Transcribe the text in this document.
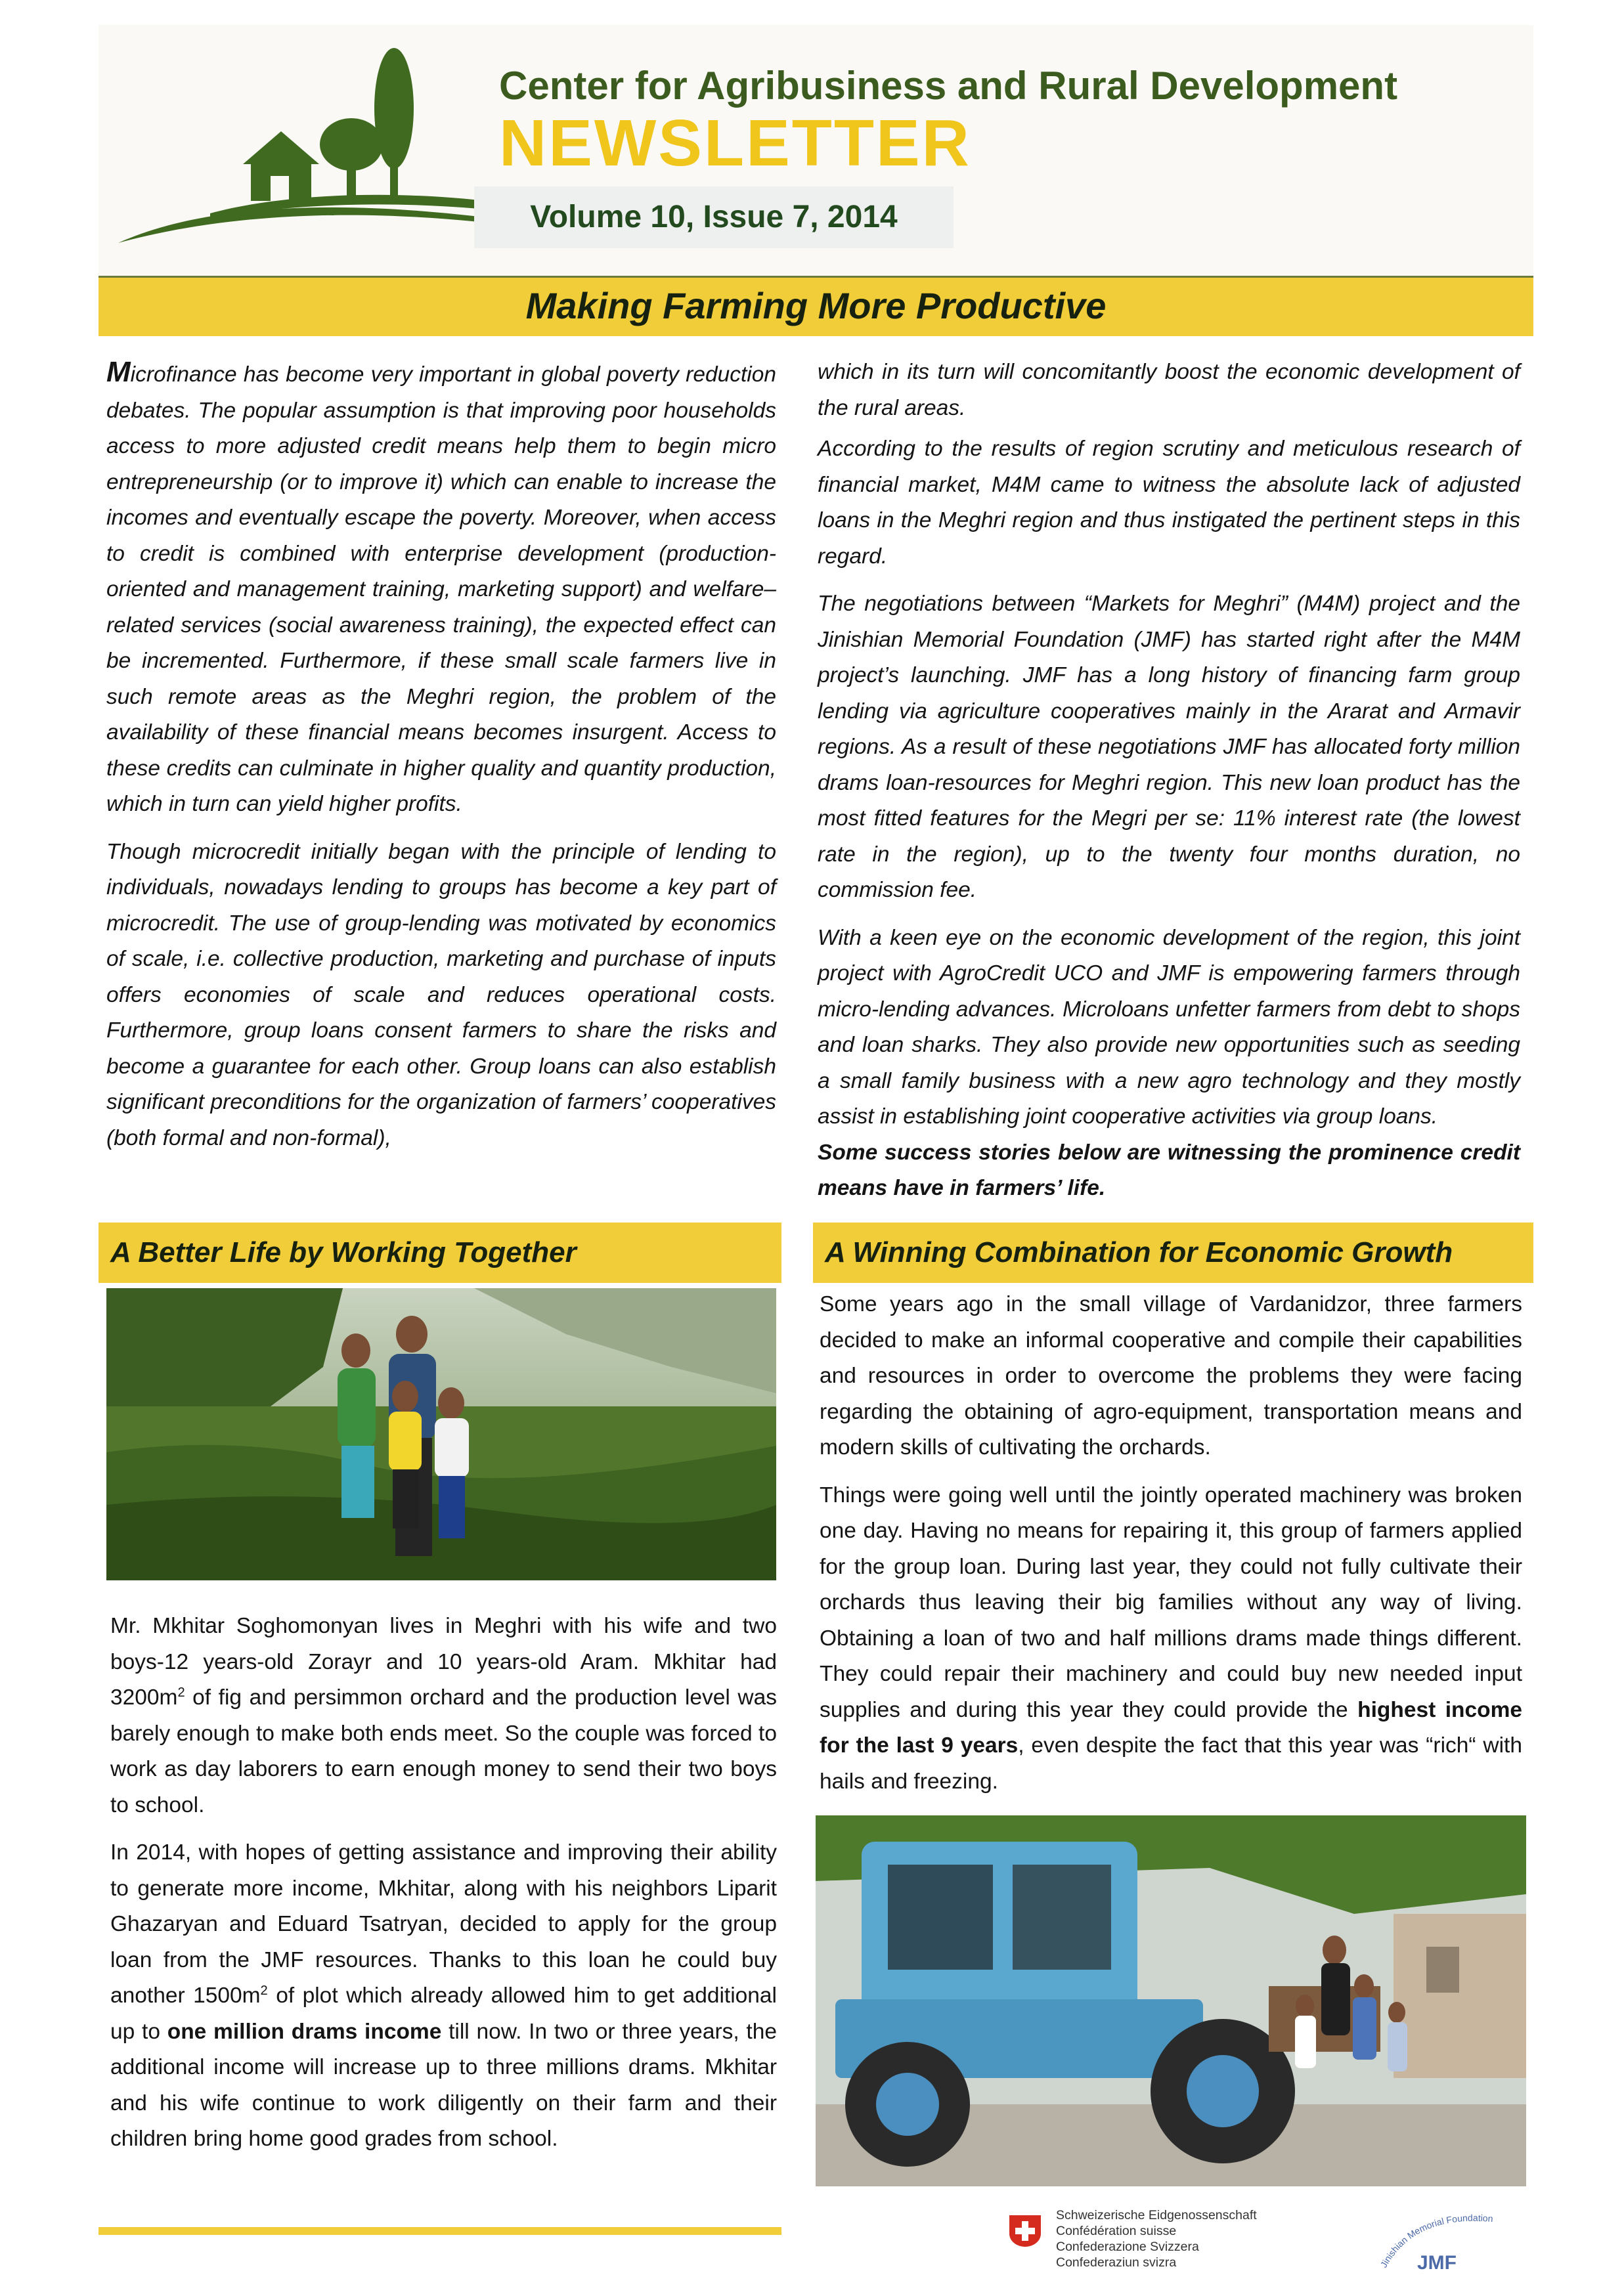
Center for Agribusiness and Rural Development
NEWSLETTER
Volume 10, Issue 7, 2014
Making Farming More Productive

Microfinance has become very important in global poverty reduction debates. The popular assumption is that improving poor households access to more adjusted credit means help them to begin micro entrepreneurship (or to improve it) which can enable to increase the incomes and eventually escape the poverty. Moreover, when access to credit is combined with enterprise development (production-oriented and management training, marketing support) and welfare–related services (social awareness training), the expected effect can be incremented. Furthermore, if these small scale farmers live in such remote areas as the Meghri region, the problem of the availability of these financial means becomes insurgent. Access to these credits can culminate in higher quality and quantity production, which in turn can yield higher profits.

Though microcredit initially began with the principle of lending to individuals, nowadays lending to groups has become a key part of microcredit. The use of group-lending was motivated by economics of scale, i.e. collective production, marketing and purchase of inputs offers economies of scale and reduces operational costs. Furthermore, group loans consent farmers to share the risks and become a guarantee for each other. Group loans can also establish significant preconditions for the organization of farmers’ cooperatives (both formal and non-formal),

which in its turn will concomitantly boost the economic development of the rural areas.

According to the results of region scrutiny and meticulous research of financial market, M4M came to witness the absolute lack of adjusted loans in the Meghri region and thus instigated the pertinent steps in this regard.

The negotiations between “Markets for Meghri” (M4M) project and the Jinishian Memorial Foundation (JMF) has started right after the M4M project’s launching. JMF has a long history of financing farm group lending via agriculture cooperatives mainly in the Ararat and Armavir regions. As a result of these negotiations JMF has allocated forty million drams loan-resources for Meghri region. This new loan product has the most fitted features for the Megri per se: 11% interest rate (the lowest rate in the region), up to the twenty four months duration, no commission fee.

With a keen eye on the economic development of the region, this joint project with AgroCredit UCO and JMF is empowering farmers through micro-lending advances. Microloans unfetter farmers from debt to shops and loan sharks. They also provide new opportunities such as seeding a small family business with a new agro technology and they mostly assist in establishing joint cooperative activities via group loans.

Some success stories below are witnessing the prominence credit means have in farmers’ life.

A Better Life by Working Together	A Winning Combination for Economic Growth

Mr. Mkhitar Soghomonyan lives in Meghri with his wife and two boys-12 years-old Zorayr and 10 years-old Aram. Mkhitar had $3200m^2$ of fig and persimmon orchard and the production level was barely enough to make both ends meet. So the couple was forced to work as day laborers to earn enough money to send their two boys to school.

In 2014, with hopes of getting assistance and improving their ability to generate more income, Mkhitar, along with his neighbors Liparit Ghazaryan and Eduard Tsatryan, decided to apply for the group loan from the JMF resources. Thanks to this loan he could buy another $1500m^2$ of plot which already allowed him to get additional up to one million drams income till now. In two or three years, the additional income will increase up to three millions drams. Mkhitar and his wife continue to work diligently on their farm and their children bring home good grades from school.

Some years ago in the small village of Vardanidzor, three farmers decided to make an informal cooperative and compile their capabilities and resources in order to overcome the problems they were facing regarding the obtaining of agro-equipment, transportation means and modern skills of cultivating the orchards.

Things were going well until the jointly operated machinery was broken one day. Having no means for repairing it, this group of farmers applied for the group loan. During last year, they could not fully cultivate their orchards thus leaving their big families without any way of living. Obtaining a loan of two and half millions drams made things different. They could repair their machinery and could buy new needed input supplies and during this year they could provide the highest income for the last 9 years, even despite the fact that this year was “rich“ with hails and freezing.

Schweizerische Eidgenossenschaft
Confédération suisse
Confederazione Svizzera
Confederaziun svizra	Jinishian Memorial Foundation
JMF
